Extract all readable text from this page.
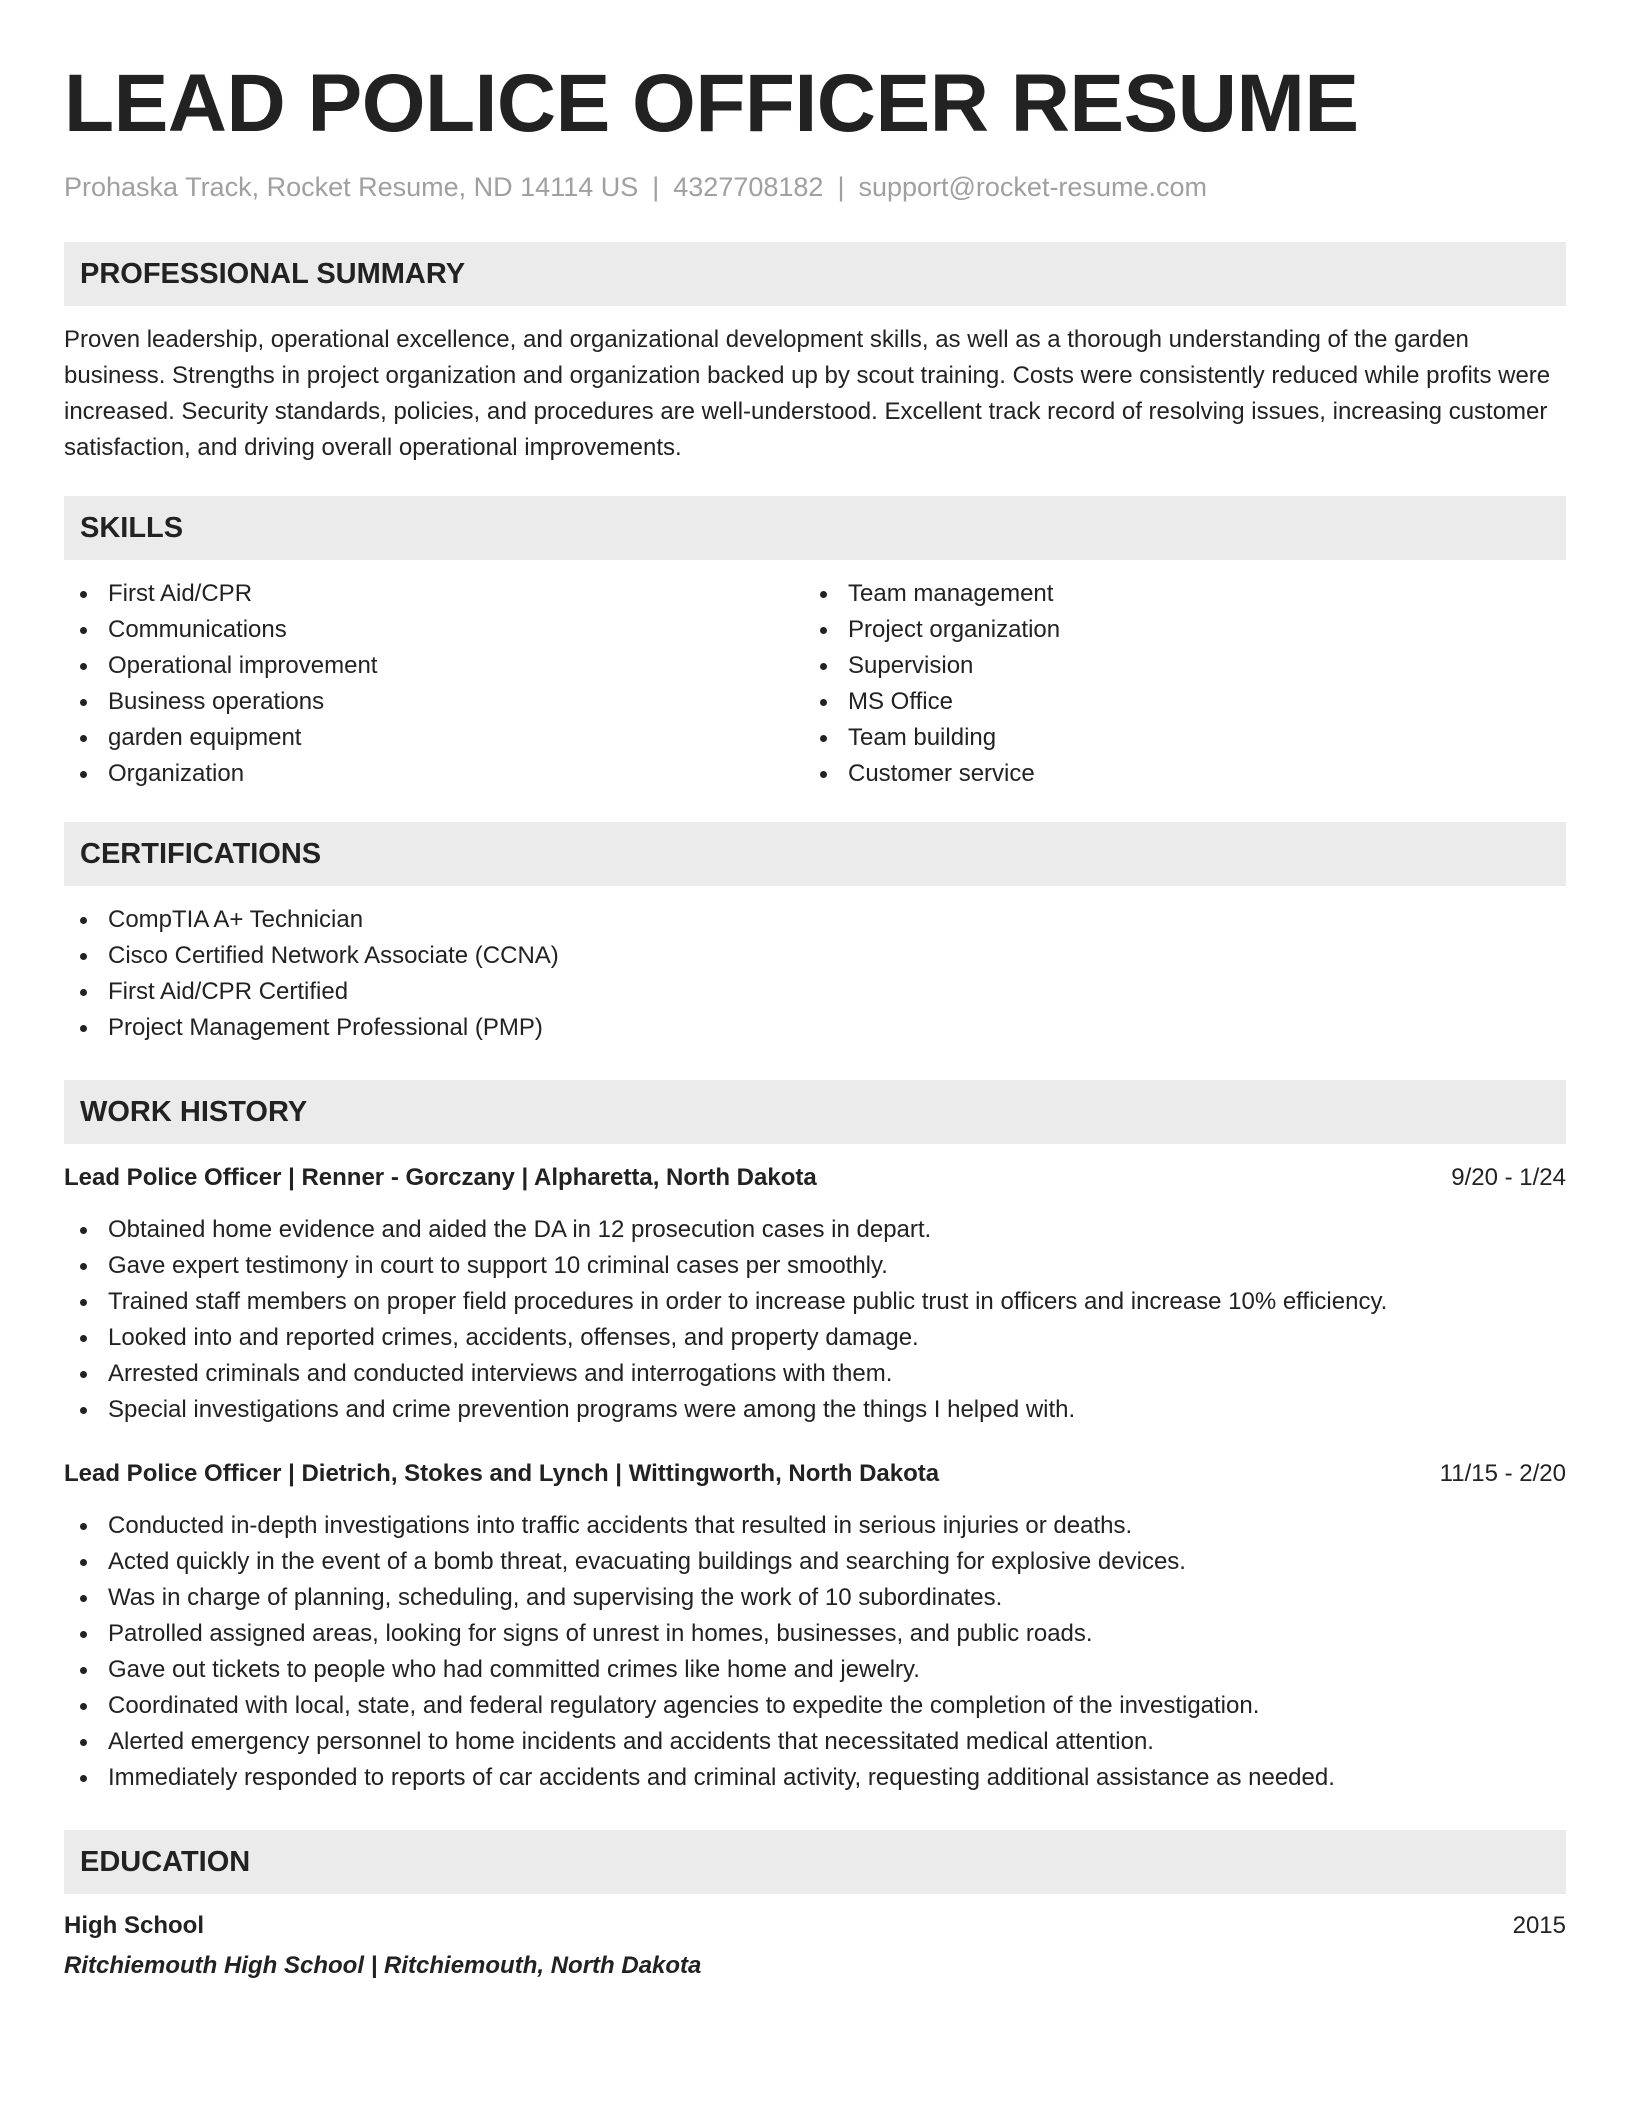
LEAD POLICE OFFICER RESUME
Prohaska Track, Rocket Resume, ND 14114 US | 4327708182 | support@rocket-resume.com
PROFESSIONAL SUMMARY
Proven leadership, operational excellence, and organizational development skills, as well as a thorough understanding of the garden business. Strengths in project organization and organization backed up by scout training. Costs were consistently reduced while profits were increased. Security standards, policies, and procedures are well-understood. Excellent track record of resolving issues, increasing customer satisfaction, and driving overall operational improvements.
SKILLS
First Aid/CPR
Communications
Operational improvement
Business operations
garden equipment
Organization
Team management
Project organization
Supervision
MS Office
Team building
Customer service
CERTIFICATIONS
CompTIA A+ Technician
Cisco Certified Network Associate (CCNA)
First Aid/CPR Certified
Project Management Professional (PMP)
WORK HISTORY
Lead Police Officer | Renner - Gorczany | Alpharetta, North Dakota	9/20 - 1/24
Obtained home evidence and aided the DA in 12 prosecution cases in depart.
Gave expert testimony in court to support 10 criminal cases per smoothly.
Trained staff members on proper field procedures in order to increase public trust in officers and increase 10% efficiency.
Looked into and reported crimes, accidents, offenses, and property damage.
Arrested criminals and conducted interviews and interrogations with them.
Special investigations and crime prevention programs were among the things I helped with.
Lead Police Officer | Dietrich, Stokes and Lynch | Wittingworth, North Dakota	11/15 - 2/20
Conducted in-depth investigations into traffic accidents that resulted in serious injuries or deaths.
Acted quickly in the event of a bomb threat, evacuating buildings and searching for explosive devices.
Was in charge of planning, scheduling, and supervising the work of 10 subordinates.
Patrolled assigned areas, looking for signs of unrest in homes, businesses, and public roads.
Gave out tickets to people who had committed crimes like home and jewelry.
Coordinated with local, state, and federal regulatory agencies to expedite the completion of the investigation.
Alerted emergency personnel to home incidents and accidents that necessitated medical attention.
Immediately responded to reports of car accidents and criminal activity, requesting additional assistance as needed.
EDUCATION
High School	2015
Ritchiemouth High School | Ritchiemouth, North Dakota
